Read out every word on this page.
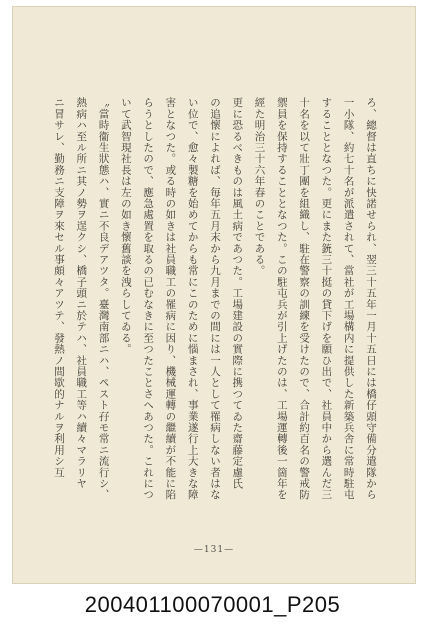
ろ、總督は直ちに快諾せられ、翌三十五年一月十五日には橋仔頭守備分遣隊から
一小隊、約七十名が派遣されて、當社が工場構内に提供した新築兵舎に常時駐屯
することとなつた。更にまた銃三十挺の貸下げを願ひ出で、社員中から選んだ三
十名を以て壯丁團を組織し、駐在警察の訓練を受けたので、合計約百名の警戒防
禦員を保持することとなつた。この駐屯兵が引上げたのは、工場運轉後一箇年を
經た明治三十六年春のことである。
更に恐るべきものは風土病であつた。工場建設の實際に携つてゐた齋藤定慮氏
の追懷によれば、毎年五月末から九月までの間には一人として罹病しない者はな
い位で、愈々製糖を始めてからも常にこのために惱まされ、事業遂行上大きな障
害となつた。或る時の如きは社員職工の罹病に因り、機械運轉の繼續が不能に陷
らうとしたので、應急處置を取るの已むなきに至つたことさへあつた。これにつ
いて武智現社長は左の如き懷舊談を洩らしてゐる。
〝當時衞生狀態ハ、實ニ不良デアツタ。臺灣南部ニハ、ペスト孖モ常ニ流行シ、
熱病ハ至ル所ニ其ノ勢ヲ逞クシ、橋子頭ニ於テハ、社員職工等ハ續々マラリヤ
ニ冒サレ、勤務ニ支障ヲ來セル事頗々アツテ、發熱ノ間歇的ナルヲ利用シ互
—131—
200401100070001_P205
